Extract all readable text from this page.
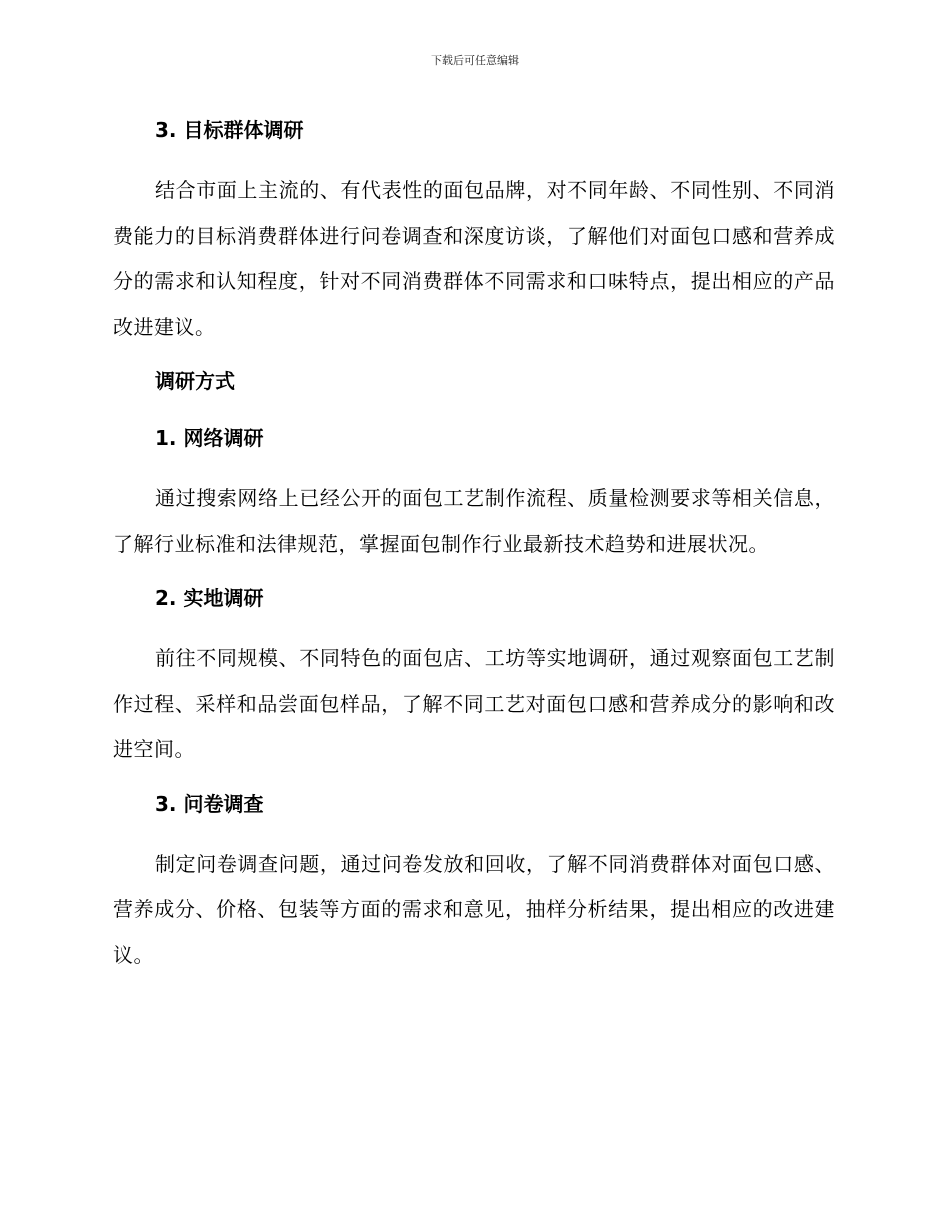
下载后可任意编辑
3. 目标群体调研

结合市面上主流的、有代表性的面包品牌，对不同年龄、不同性别、不同消费能力的目标消费群体进行问卷调查和深度访谈，了解他们对面包口感和营养成分的需求和认知程度，针对不同消费群体不同需求和口味特点，提出相应的产品改进建议。

调研方式
1. 网络调研

通过搜索网络上已经公开的面包工艺制作流程、质量检测要求等相关信息，了解行业标准和法律规范，掌握面包制作行业最新技术趋势和进展状况。

2. 实地调研

前往不同规模、不同特色的面包店、工坊等实地调研，通过观察面包工艺制作过程、采样和品尝面包样品，了解不同工艺对面包口感和营养成分的影响和改进空间。

3. 问卷调查

制定问卷调查问题，通过问卷发放和回收，了解不同消费群体对面包口感、营养成分、价格、包装等方面的需求和意见，抽样分析结果，提出相应的改进建议。
